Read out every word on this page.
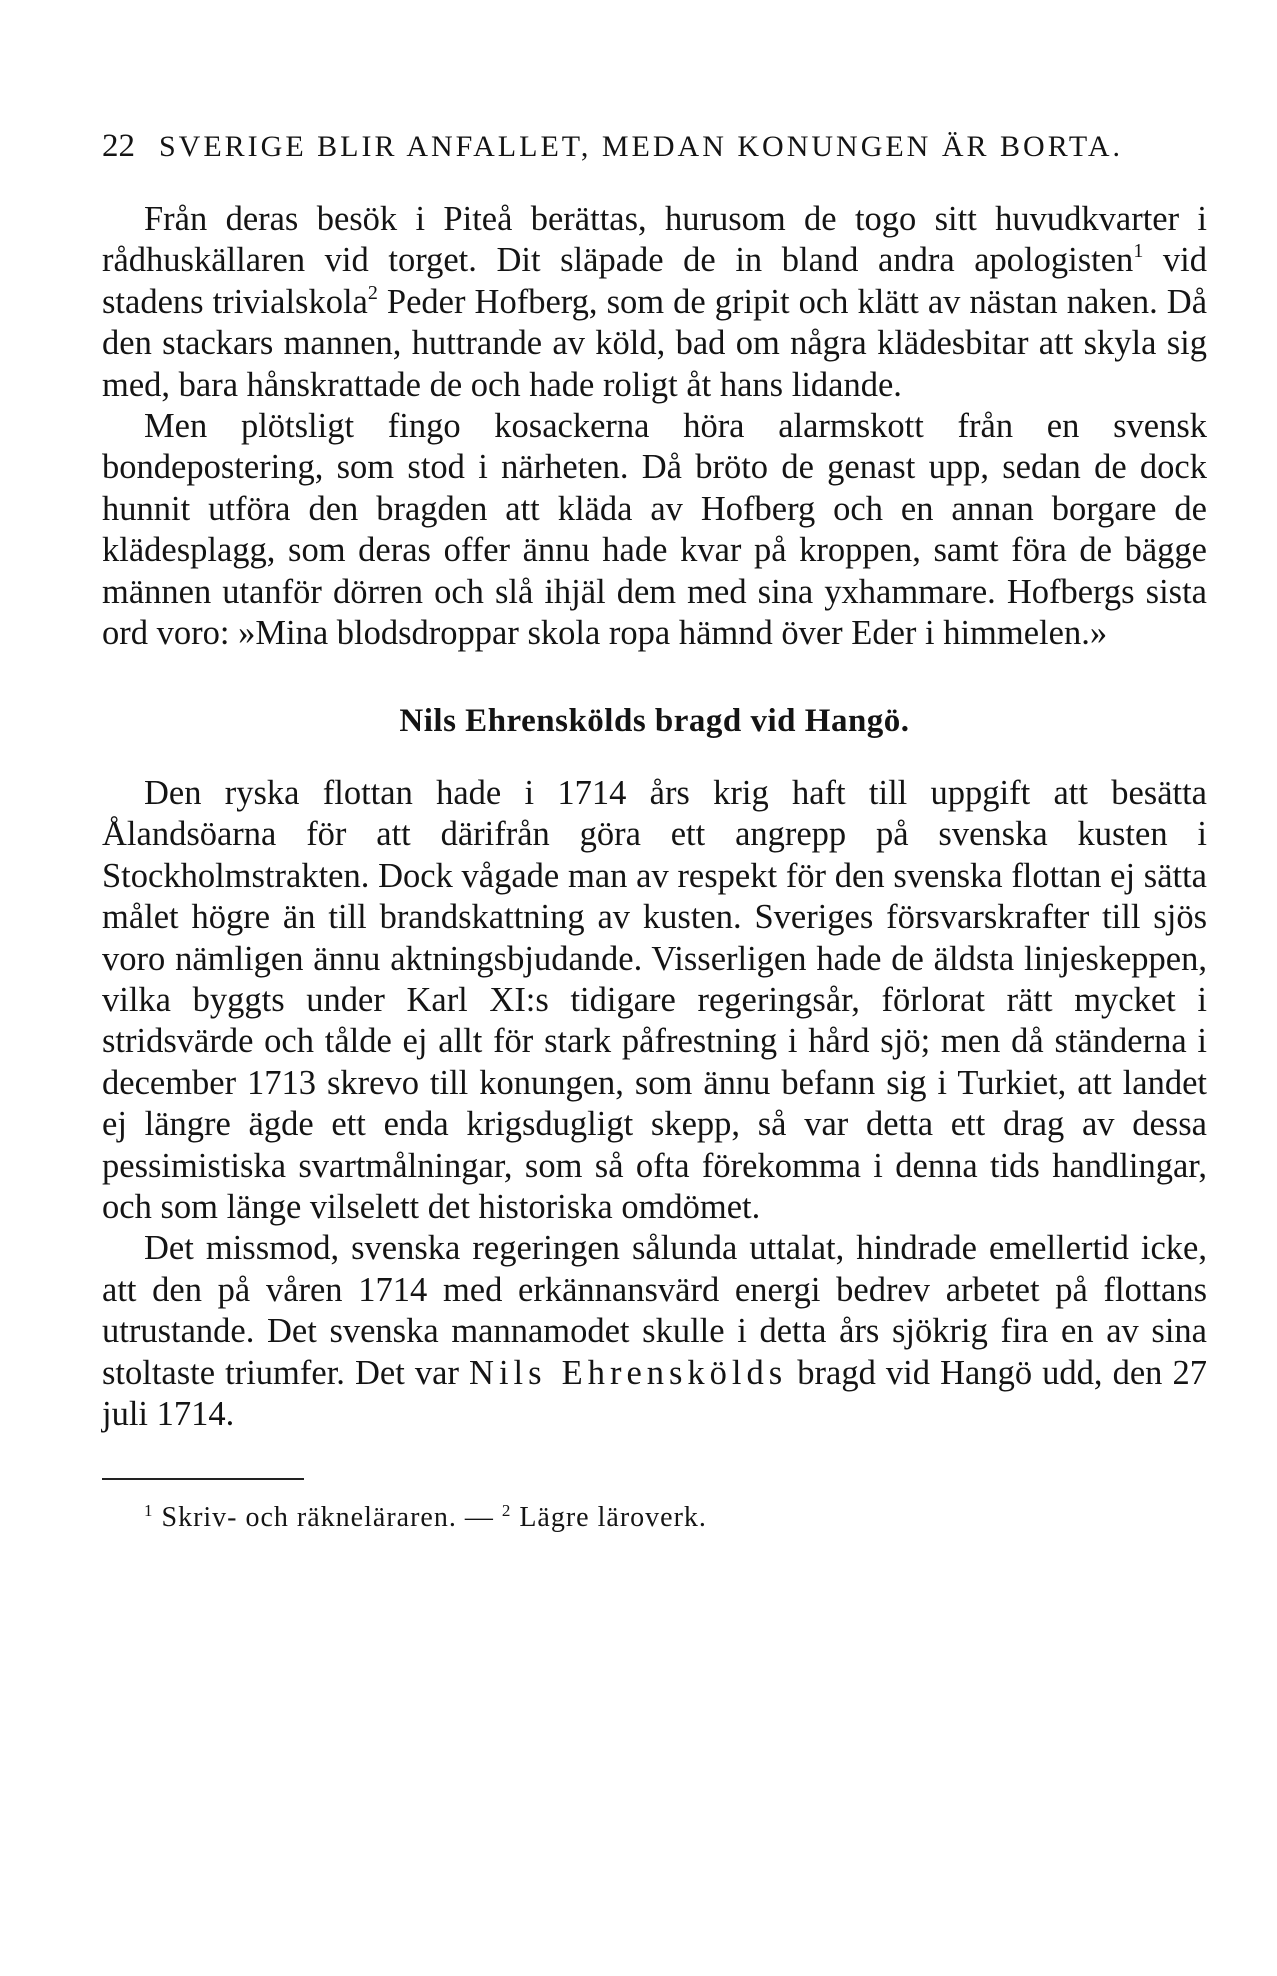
22 SVERIGE BLIR ANFALLET, MEDAN KONUNGEN ÄR BORTA.

Från deras besök i Piteå berättas, hurusom de togo sitt huvudkvarter i rådhuskällaren vid torget. Dit släpade de in bland andra apologisten$^1$ vid stadens trivialskola$^2$ Peder Hofberg, som de gripit och klätt av nästan naken. Då den stackars mannen, huttrande av köld, bad om några klädesbitar att skyla sig med, bara hånskrattade de och hade roligt åt hans lidande.

Men plötsligt fingo kosackerna höra alarmskott från en svensk bondepostering, som stod i närheten. Då bröto de genast upp, sedan de dock hunnit utföra den bragden att kläda av Hofberg och en annan borgare de klädesplagg, som deras offer ännu hade kvar på kroppen, samt föra de bägge männen utanför dörren och slå ihjäl dem med sina yxhammare. Hofbergs sista ord voro: »Mina blodsdroppar skola ropa hämnd över Eder i himmelen.»

Nils Ehrenskölds bragd vid Hangö.

Den ryska flottan hade i 1714 års krig haft till uppgift att besätta Ålandsöarna för att därifrån göra ett angrepp på svenska kusten i Stockholmstrakten. Dock vågade man av respekt för den svenska flottan ej sätta målet högre än till brandskattning av kusten. Sveriges försvarskrafter till sjös voro nämligen ännu aktningsbjudande. Visserligen hade de äldsta linjeskeppen, vilka byggts under Karl XI:s tidigare regeringsår, förlorat rätt mycket i stridsvärde och tålde ej allt för stark påfrestning i hård sjö; men då ständerna i december 1713 skrevo till konungen, som ännu befann sig i Turkiet, att landet ej längre ägde ett enda krigsdugligt skepp, så var detta ett drag av dessa pessimistiska svartmålningar, som så ofta förekomma i denna tids handlingar, och som länge vilselett det historiska omdömet.

Det missmod, svenska regeringen sålunda uttalat, hindrade emellertid icke, att den på våren 1714 med erkännansvärd energi bedrev arbetet på flottans utrustande. Det svenska mannamodet skulle i detta års sjökrig fira en av sina stoltaste triumfer. Det var Nils Ehrenskölds bragd vid Hangö udd, den 27 juli 1714.

$^1$ Skriv- och räkneläraren. — $^2$ Lägre läroverk.
